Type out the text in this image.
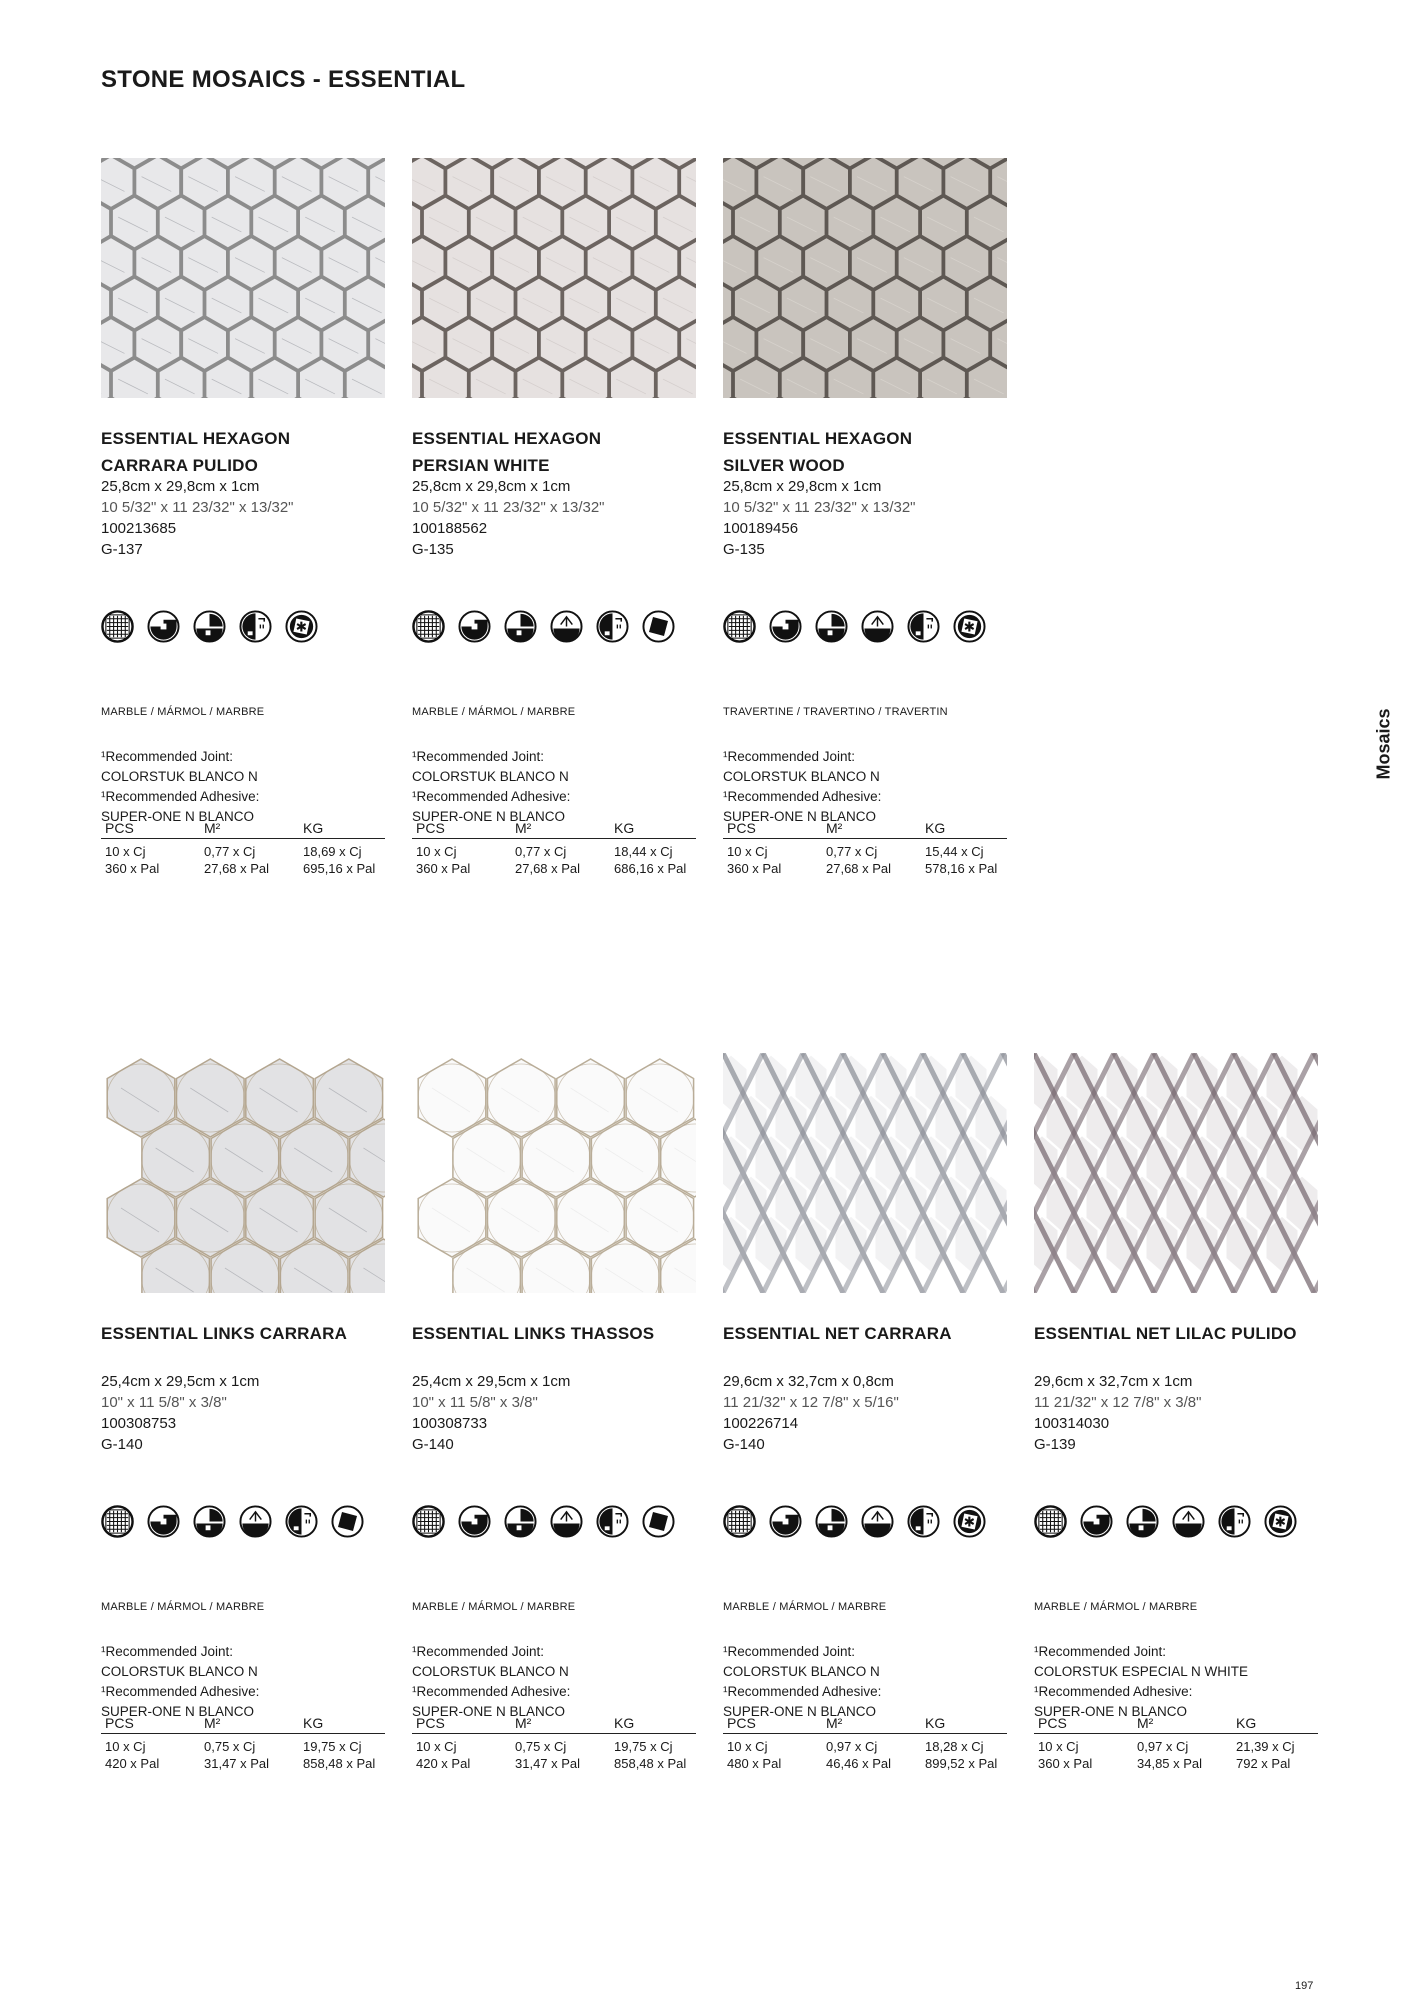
STONE MOSAICS - ESSENTIAL
Mosaics
197
ESSENTIAL HEXAGON
CARRARA PULIDO
25,8cm x 29,8cm x 1cm
10 5/32" x 11 23/32" x 13/32"
100213685
G-137
✱
MARBLE / MÁRMOL / MARBRE
¹Recommended Joint:
COLORSTUK BLANCO N
¹Recommended Adhesive:
SUPER-ONE N BLANCO
PCS	M²	KG
10 x Cj	0,77 x Cj	18,69 x Cj
360 x Pal	27,68 x Pal	695,16 x Pal
ESSENTIAL HEXAGON
PERSIAN WHITE
25,8cm x 29,8cm x 1cm
10 5/32" x 11 23/32" x 13/32"
100188562
G-135
MARBLE / MÁRMOL / MARBRE
¹Recommended Joint:
COLORSTUK BLANCO N
¹Recommended Adhesive:
SUPER-ONE N BLANCO
PCS	M²	KG
10 x Cj	0,77 x Cj	18,44 x Cj
360 x Pal	27,68 x Pal	686,16 x Pal
ESSENTIAL HEXAGON
SILVER WOOD
25,8cm x 29,8cm x 1cm
10 5/32" x 11 23/32" x 13/32"
100189456
G-135
✱
TRAVERTINE / TRAVERTINO / TRAVERTIN
¹Recommended Joint:
COLORSTUK BLANCO N
¹Recommended Adhesive:
SUPER-ONE N BLANCO
PCS	M²	KG
10 x Cj	0,77 x Cj	15,44 x Cj
360 x Pal	27,68 x Pal	578,16 x Pal
ESSENTIAL LINKS CARRARA
25,4cm x 29,5cm x 1cm
10" x 11 5/8" x 3/8"
100308753
G-140
MARBLE / MÁRMOL / MARBRE
¹Recommended Joint:
COLORSTUK BLANCO N
¹Recommended Adhesive:
SUPER-ONE N BLANCO
PCS	M²	KG
10 x Cj	0,75 x Cj	19,75 x Cj
420 x Pal	31,47 x Pal	858,48 x Pal
ESSENTIAL LINKS THASSOS
25,4cm x 29,5cm x 1cm
10" x 11 5/8" x 3/8"
100308733
G-140
MARBLE / MÁRMOL / MARBRE
¹Recommended Joint:
COLORSTUK BLANCO N
¹Recommended Adhesive:
SUPER-ONE N BLANCO
PCS	M²	KG
10 x Cj	0,75 x Cj	19,75 x Cj
420 x Pal	31,47 x Pal	858,48 x Pal
ESSENTIAL NET CARRARA
29,6cm x 32,7cm x 0,8cm
11 21/32" x 12 7/8" x 5/16"
100226714
G-140
✱
MARBLE / MÁRMOL / MARBRE
¹Recommended Joint:
COLORSTUK BLANCO N
¹Recommended Adhesive:
SUPER-ONE N BLANCO
PCS	M²	KG
10 x Cj	0,97 x Cj	18,28 x Cj
480 x Pal	46,46 x Pal	899,52 x Pal
ESSENTIAL NET LILAC PULIDO
29,6cm x 32,7cm x 1cm
11 21/32" x 12 7/8" x 3/8"
100314030
G-139
✱
MARBLE / MÁRMOL / MARBRE
¹Recommended Joint:
COLORSTUK ESPECIAL N WHITE
¹Recommended Adhesive:
SUPER-ONE N BLANCO
PCS	M²	KG
10 x Cj	0,97 x Cj	21,39 x Cj
360 x Pal	34,85 x Pal	792 x Pal
